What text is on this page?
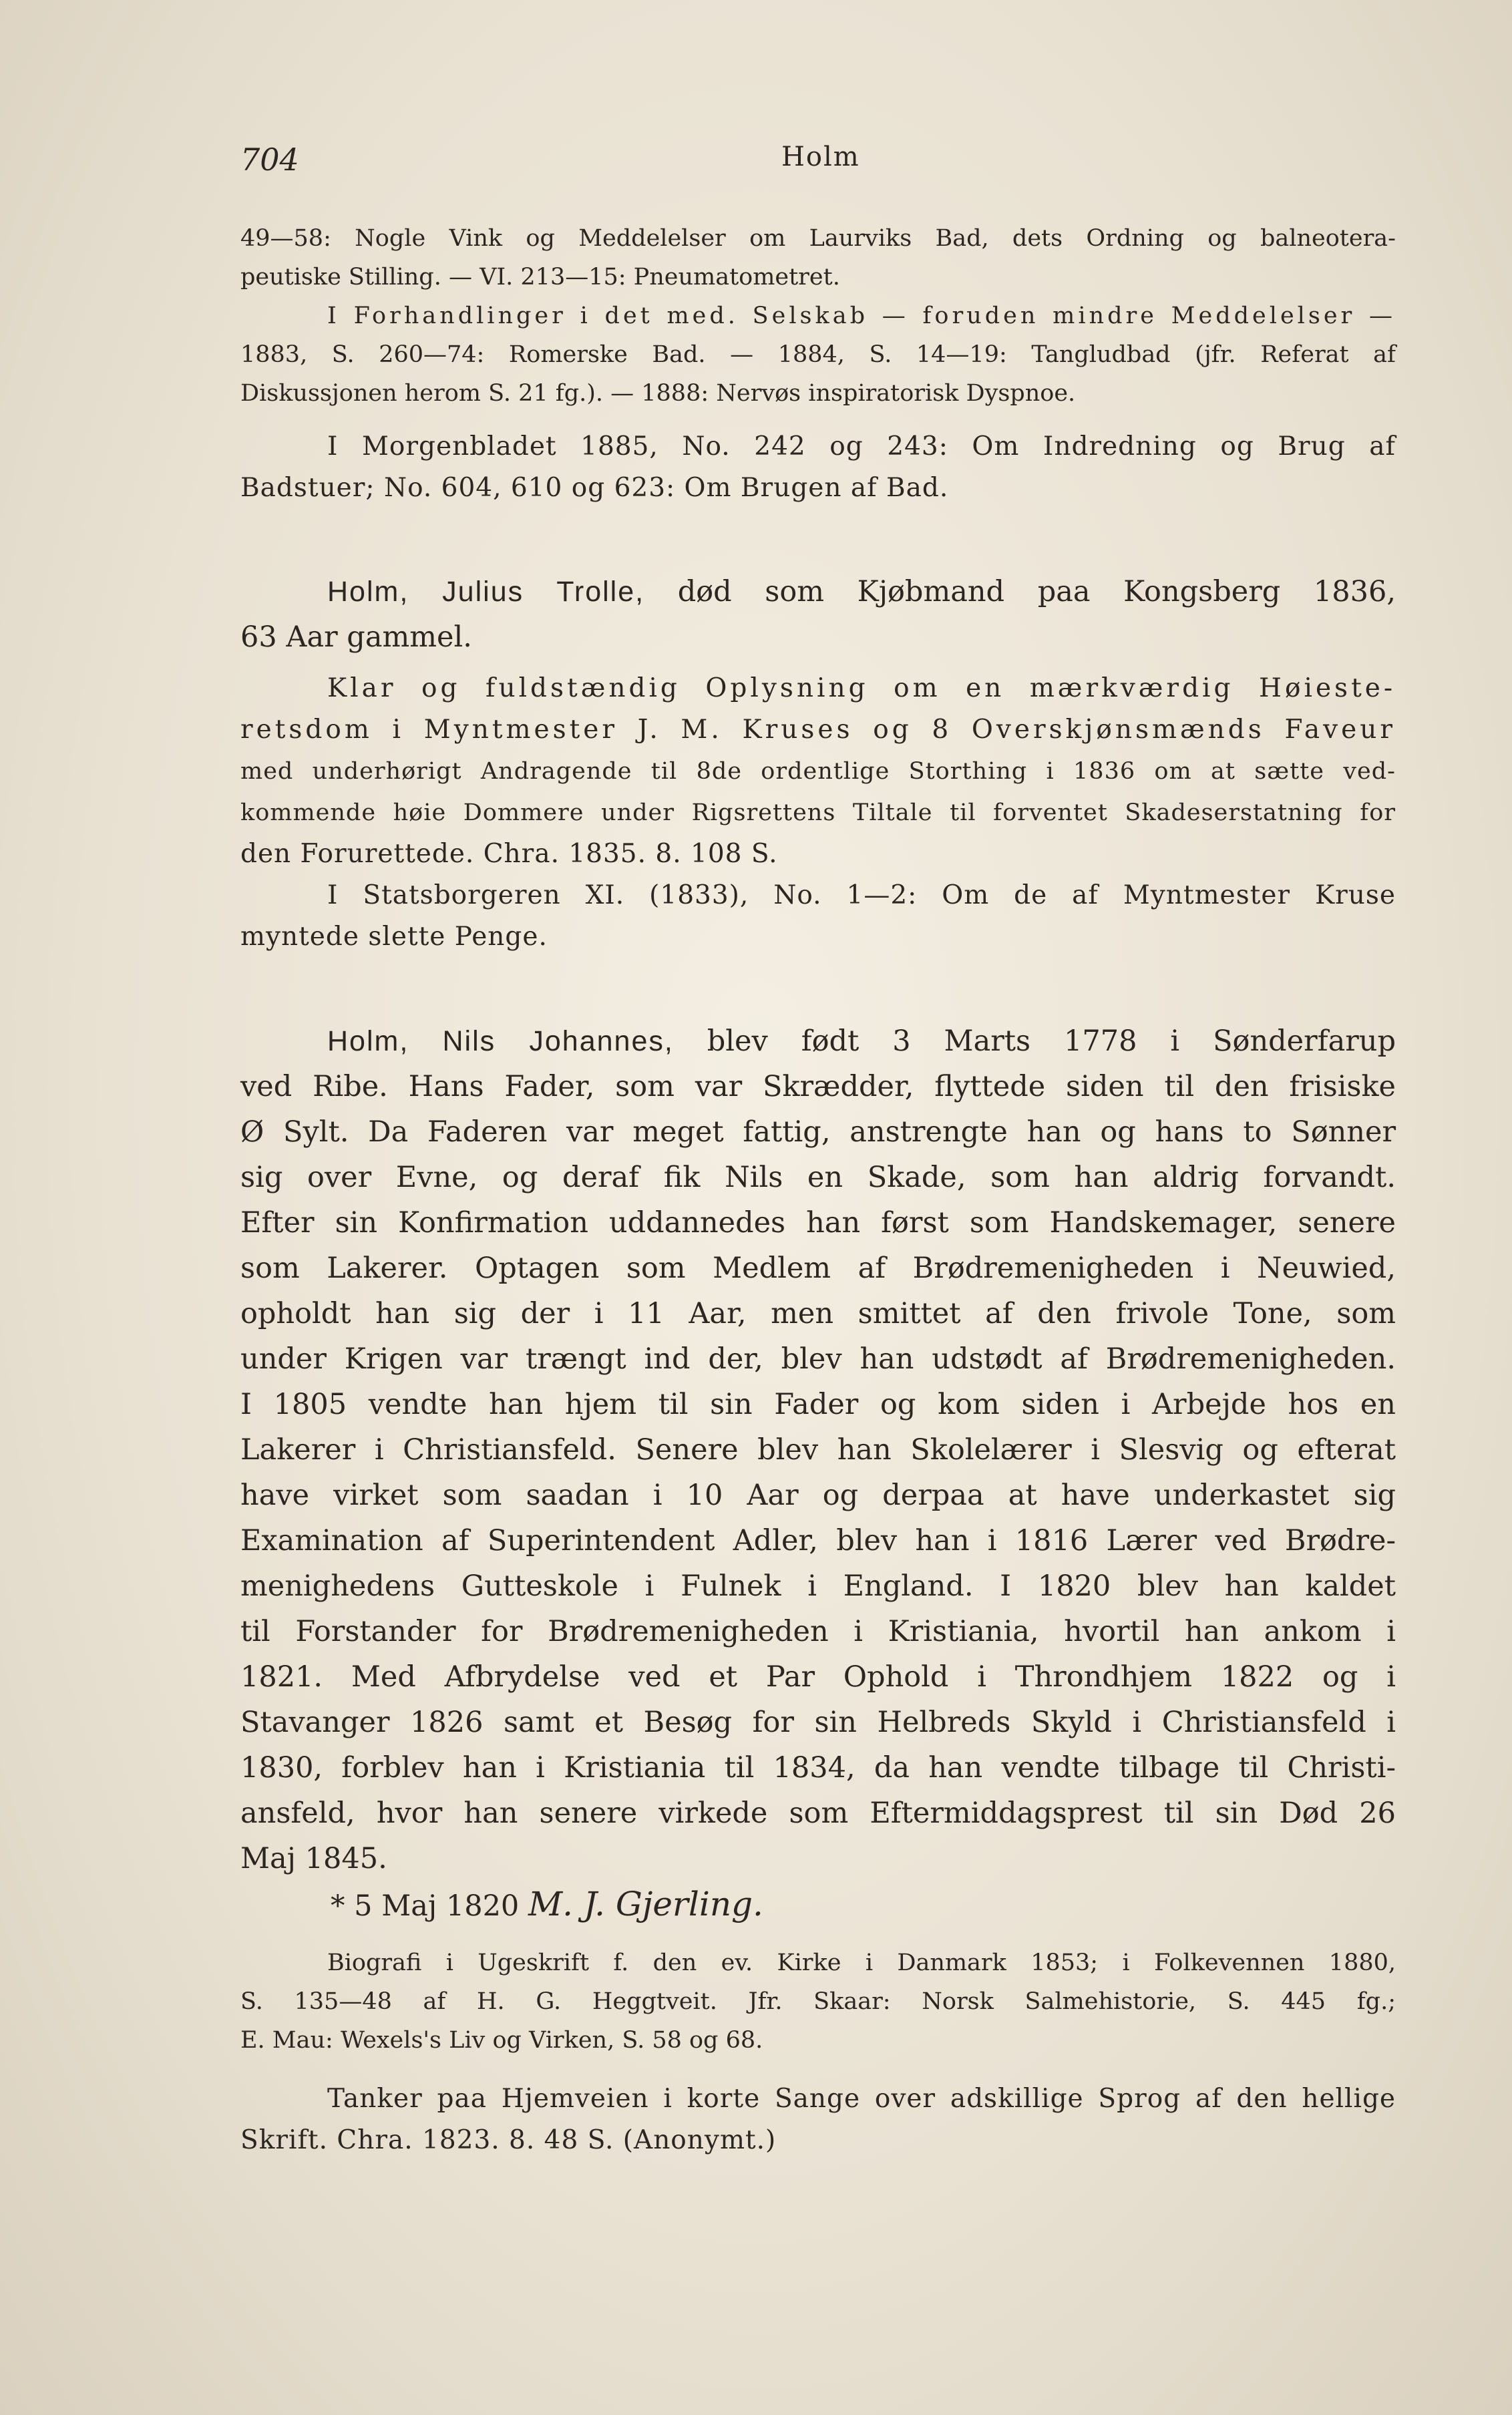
704	Holm
49—58: Nogle Vink og Meddelelser om Laurviks Bad, dets Ordning og balneotera-
peutiske Stilling. — VI. 213—15: Pneumatometret.
I Forhandlinger i det med. Selskab — foruden mindre Meddelelser —
1883, S. 260—74: Romerske Bad. — 1884, S. 14—19: Tangludbad (jfr. Referat af
Diskussjonen herom S. 21 fg.). — 1888: Nervøs inspiratorisk Dyspnoe.
I Morgenbladet 1885, No. 242 og 243: Om Indredning og Brug af
Badstuer; No. 604, 610 og 623: Om Brugen af Bad.
Holm, Julius Trolle, død som Kjøbmand paa Kongsberg 1836,
63 Aar gammel.
Klar og fuldstændig Oplysning om en mærkværdig Høieste-
retsdom i Myntmester J. M. Kruses og 8 Overskjønsmænds Faveur
med underhørigt Andragende til 8de ordentlige Storthing i 1836 om at sætte ved-
kommende høie Dommere under Rigsrettens Tiltale til forventet Skadeserstatning for
den Forurettede. Chra. 1835. 8. 108 S.
I Statsborgeren XI. (1833), No. 1—2: Om de af Myntmester Kruse
myntede slette Penge.
Holm, Nils Johannes, blev født 3 Marts 1778 i Sønderfarup
ved Ribe. Hans Fader, som var Skrædder, flyttede siden til den frisiske
Ø Sylt. Da Faderen var meget fattig, anstrengte han og hans to Sønner
sig over Evne, og deraf fik Nils en Skade, som han aldrig forvandt.
Efter sin Konfirmation uddannedes han først som Handskemager, senere
som Lakerer. Optagen som Medlem af Brødremenigheden i Neuwied,
opholdt han sig der i 11 Aar, men smittet af den frivole Tone, som
under Krigen var trængt ind der, blev han udstødt af Brødremenigheden.
I 1805 vendte han hjem til sin Fader og kom siden i Arbejde hos en
Lakerer i Christiansfeld. Senere blev han Skolelærer i Slesvig og efterat
have virket som saadan i 10 Aar og derpaa at have underkastet sig
Examination af Superintendent Adler, blev han i 1816 Lærer ved Brødre-
menighedens Gutteskole i Fulnek i England. I 1820 blev han kaldet
til Forstander for Brødremenigheden i Kristiania, hvortil han ankom i
1821. Med Afbrydelse ved et Par Ophold i Throndhjem 1822 og i
Stavanger 1826 samt et Besøg for sin Helbreds Skyld i Christiansfeld i
1830, forblev han i Kristiania til 1834, da han vendte tilbage til Christi-
ansfeld, hvor han senere virkede som Eftermiddagsprest til sin Død 26
Maj 1845.
* 5 Maj 1820 M. J. Gjerling.
Biografi i Ugeskrift f. den ev. Kirke i Danmark 1853; i Folkevennen 1880,
S. 135—48 af H. G. Heggtveit. Jfr. Skaar: Norsk Salmehistorie, S. 445 fg.;
E. Mau: Wexels's Liv og Virken, S. 58 og 68.
Tanker paa Hjemveien i korte Sange over adskillige Sprog af den hellige
Skrift. Chra. 1823. 8. 48 S. (Anonymt.)
